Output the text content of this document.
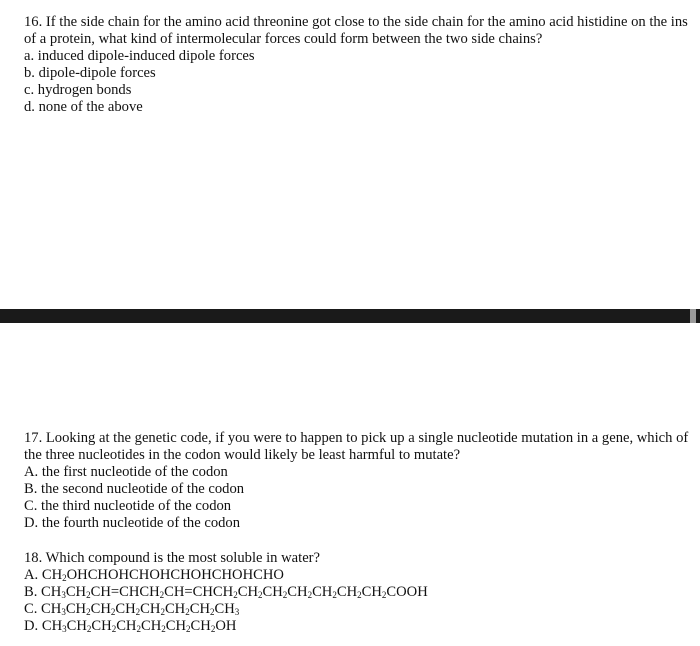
16. If the side chain for the amino acid threonine got close to the side chain for the amino acid histidine on the ins
of a protein, what kind of intermolecular forces could form between the two side chains?
a. induced dipole-induced dipole forces
b. dipole-dipole forces
c. hydrogen bonds
d. none of the above
17. Looking at the genetic code, if you were to happen to pick up a single nucleotide mutation in a gene, which of
the three nucleotides in the codon would likely be least harmful to mutate?
A. the first nucleotide of the codon
B. the second nucleotide of the codon
C. the third nucleotide of the codon
D. the fourth nucleotide of the codon
18. Which compound is the most soluble in water?
A. $CH_2OHCHOHCHOHCHOHCHOHCHO$
B. $CH_3CH_2CH=CHCH_2CH=CHCH_2CH_2CH_2CH_2CH_2CH_2CH_2COOH$
C. $CH_3CH_2CH_2CH_2CH_2CH_2CH_2CH_3$
D. $CH_3CH_2CH_2CH_2CH_2CH_2CH_2OH$
